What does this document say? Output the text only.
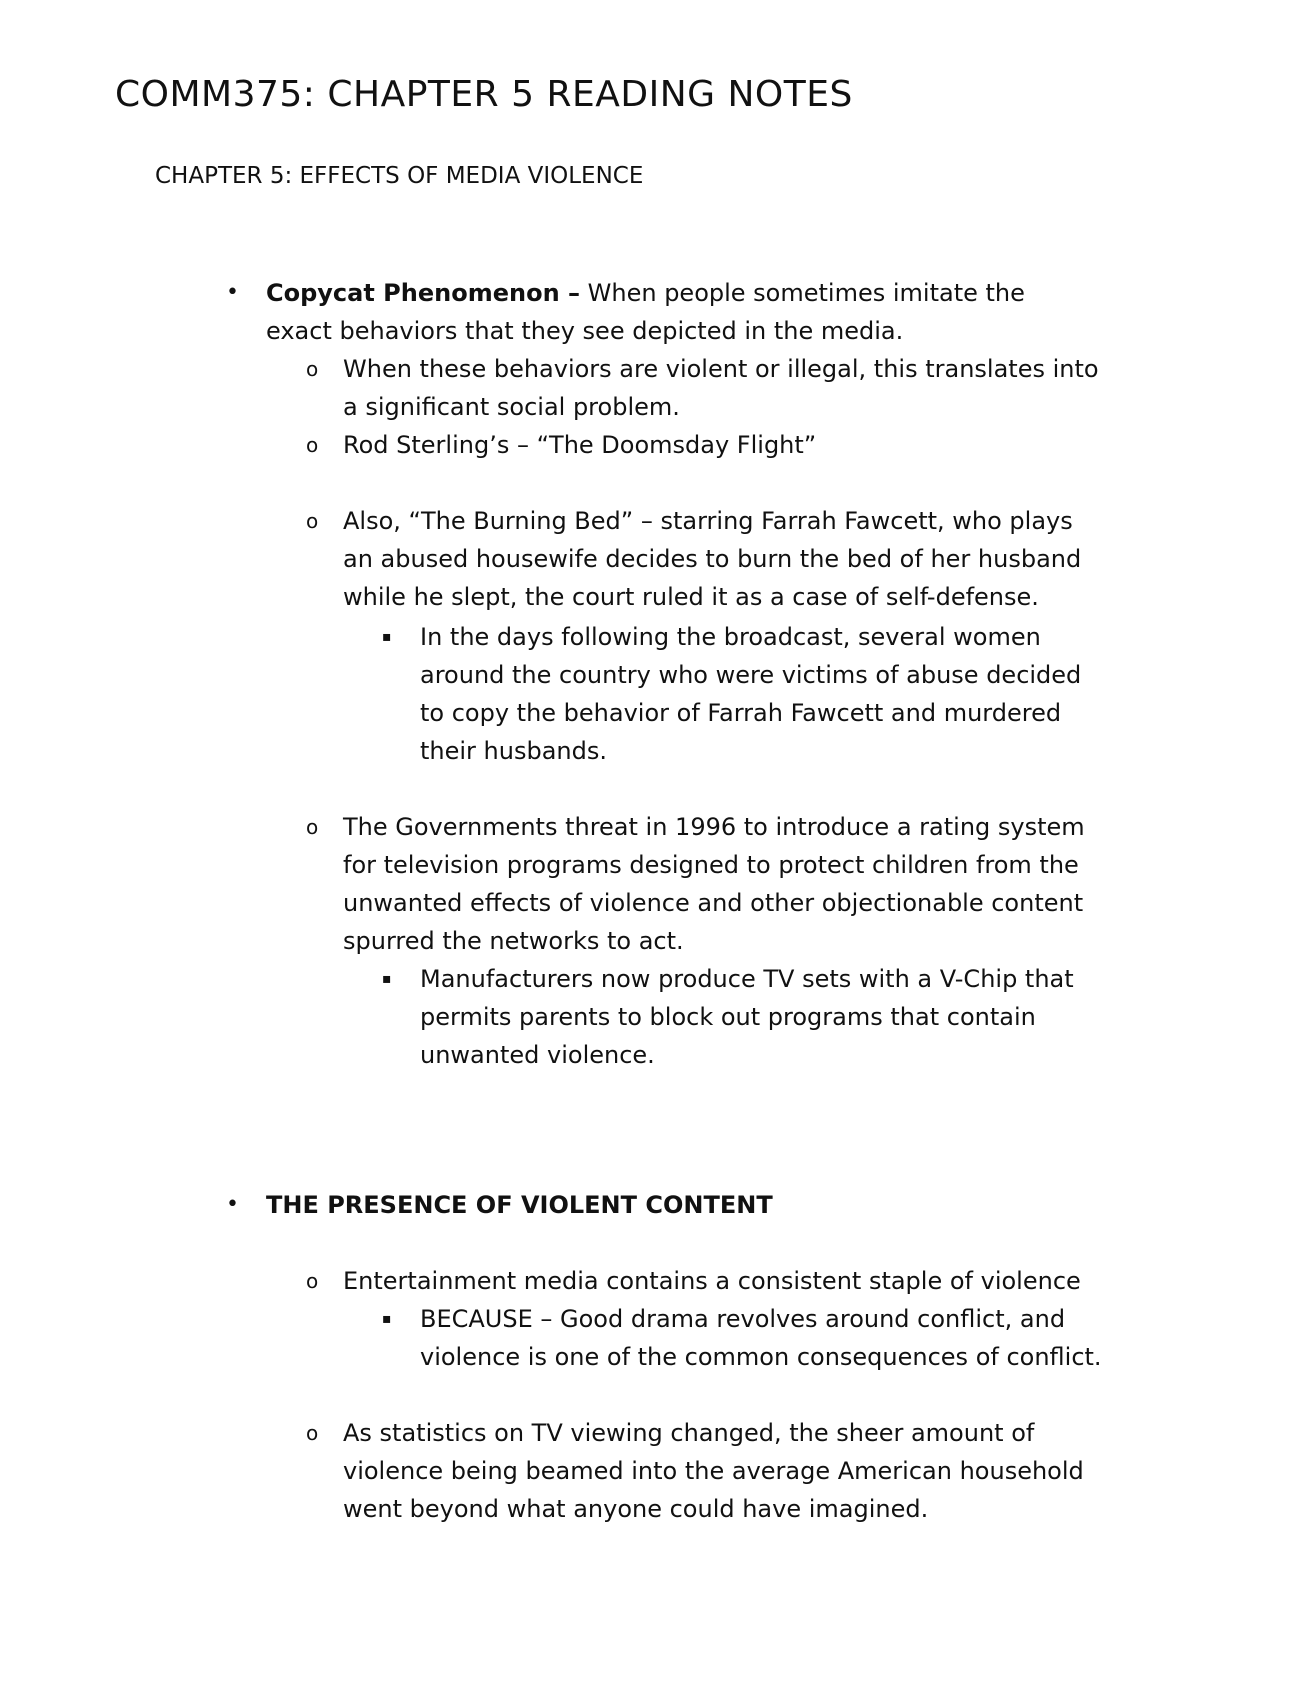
COMM375: CHAPTER 5 READING NOTES
CHAPTER 5: EFFECTS OF MEDIA VIOLENCE
• Copycat Phenomenon – When people sometimes imitate the
exact behaviors that they see depicted in the media.
o When these behaviors are violent or illegal, this translates into
a significant social problem.
o Rod Sterling’s – “The Doomsday Flight”
o Also, “The Burning Bed” – starring Farrah Fawcett, who plays
an abused housewife decides to burn the bed of her husband
while he slept, the court ruled it as a case of self-defense.
▪ In the days following the broadcast, several women
around the country who were victims of abuse decided
to copy the behavior of Farrah Fawcett and murdered
their husbands.
o The Governments threat in 1996 to introduce a rating system
for television programs designed to protect children from the
unwanted effects of violence and other objectionable content
spurred the networks to act.
▪ Manufacturers now produce TV sets with a V-Chip that
permits parents to block out programs that contain
unwanted violence.
• THE PRESENCE OF VIOLENT CONTENT
o Entertainment media contains a consistent staple of violence
▪ BECAUSE – Good drama revolves around conflict, and
violence is one of the common consequences of conflict.
o As statistics on TV viewing changed, the sheer amount of
violence being beamed into the average American household
went beyond what anyone could have imagined.
